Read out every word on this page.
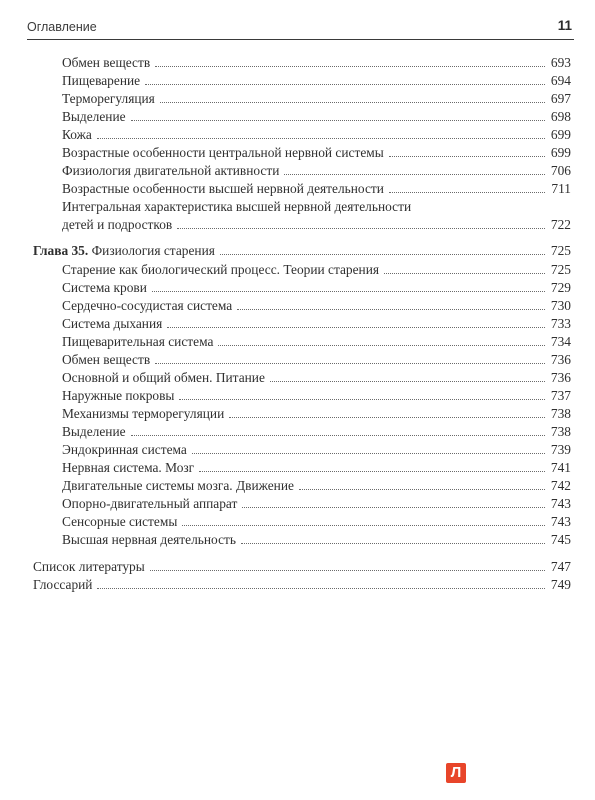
Оглавление	11
Обмен веществ	693
Пищеварение	694
Терморегуляция	697
Выделение	698
Кожа	699
Возрастные особенности центральной нервной системы	699
Физиология двигательной активности	706
Возрастные особенности высшей нервной деятельности	711
Интегральная характеристика высшей нервной деятельности
детей и подростков	722
Глава 35. Физиология старения	725
Старение как биологический процесс. Теории старения	725
Система крови	729
Сердечно-сосудистая система	730
Система дыхания	733
Пищеварительная система	734
Обмен веществ	736
Основной и общий обмен. Питание	736
Наружные покровы	737
Механизмы терморегуляции	738
Выделение	738
Эндокринная система	739
Нервная система. Мозг	741
Двигательные системы мозга. Движение	742
Опорно-двигательный аппарат	743
Сенсорные системы	743
Высшая нервная деятельность	745
Список литературы	747
Глоссарий	749
Л
